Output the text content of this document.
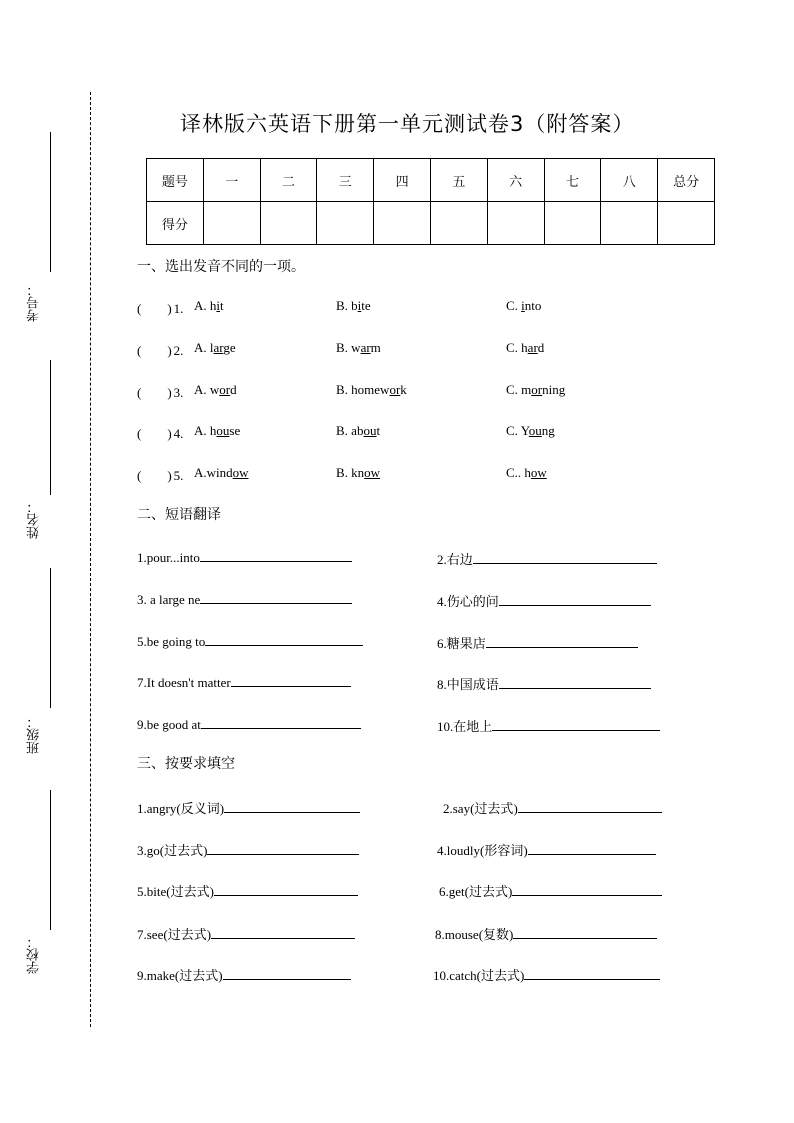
考号：
姓名：
班级：
学校：
译林版六英语下册第一单元测试卷3（附答案）
题号	一	二	三	四	五	六	七	八	总分
得分									
一、选出发音不同的一项。
(　　) 1. A. hit	B. bite	C. into
(　　) 2. A. large	B. warm	C. hard
(　　) 3. A. word	B. homework	C. morning
(　　) 4. A. house	B. about	C. Young
(　　) 5. A.window	B. know	C.. how
二、短语翻译
1.pour...into	2.右边
3. a large ne	4.伤心的问
5.be going to	6.糖果店
7.It doesn't matter	8.中国成语
9.be good at	10.在地上
三、按要求填空
1.angry(反义词)	2.say(过去式)
3.go(过去式)	4.loudly(形容词)
5.bite(过去式)	6.get(过去式)
7.see(过去式)	8.mouse(复数)
9.make(过去式)	10.catch(过去式)
